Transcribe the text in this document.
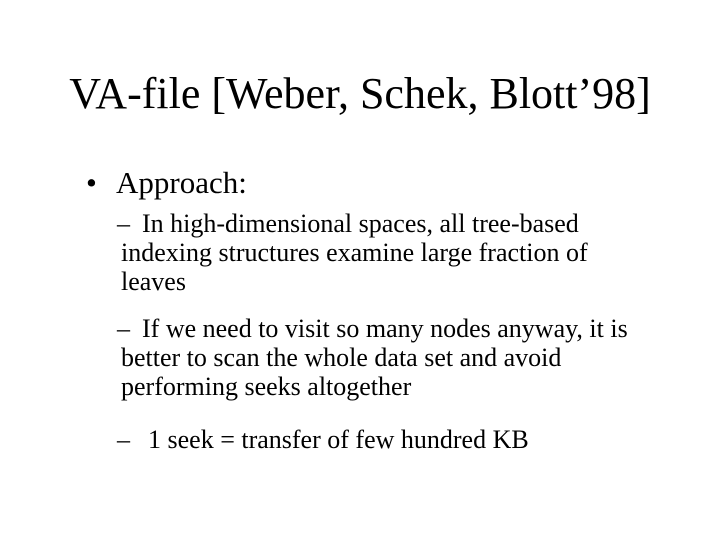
VA-file [Weber, Schek, Blott’98]
• Approach:
– In high-dimensional spaces, all tree-based
indexing structures examine large fraction of
leaves
– If we need to visit so many nodes anyway, it is
better to scan the whole data set and avoid
performing seeks altogether
– 1 seek = transfer of few hundred KB
